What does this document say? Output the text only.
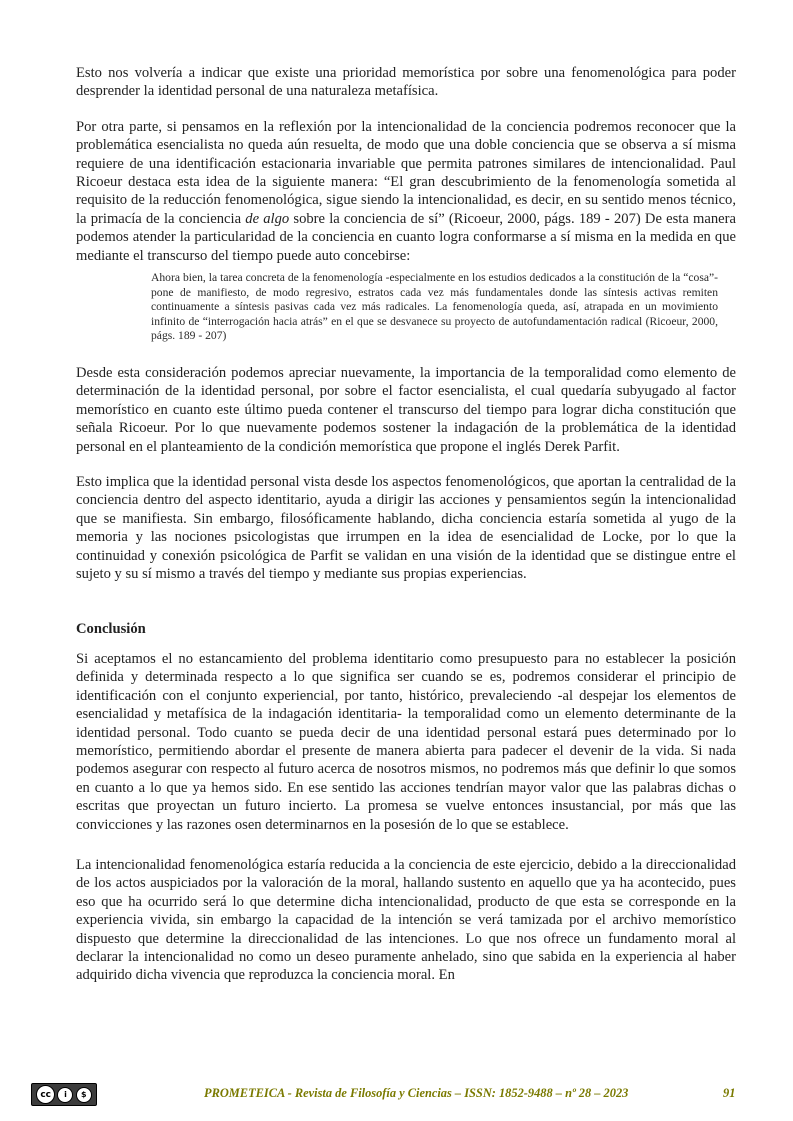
Esto nos volvería a indicar que existe una prioridad memorística por sobre una fenomenológica para poder desprender la identidad personal de una naturaleza metafísica.

Por otra parte, si pensamos en la reflexión por la intencionalidad de la conciencia podremos reconocer que la problemática esencialista no queda aún resuelta, de modo que una doble conciencia que se observa a sí misma requiere de una identificación estacionaria invariable que permita patrones similares de intencionalidad. Paul Ricoeur destaca esta idea de la siguiente manera: “El gran descubrimiento de la fenomenología sometida al requisito de la reducción fenomenológica, sigue siendo la intencionalidad, es decir, en su sentido menos técnico, la primacía de la conciencia de algo sobre la conciencia de sí” (Ricoeur, 2000, págs. 189 - 207) De esta manera podemos atender la particularidad de la conciencia en cuanto logra conformarse a sí misma en la medida en que mediante el transcurso del tiempo puede auto concebirse:

Ahora bien, la tarea concreta de la fenomenología -especialmente en los estudios dedicados a la constitución de la “cosa”- pone de manifiesto, de modo regresivo, estratos cada vez más fundamentales donde las síntesis activas remiten continuamente a síntesis pasivas cada vez más radicales. La fenomenología queda, así, atrapada en un movimiento infinito de “interrogación hacia atrás” en el que se desvanece su proyecto de autofundamentación radical (Ricoeur, 2000, págs. 189 - 207)

Desde esta consideración podemos apreciar nuevamente, la importancia de la temporalidad como elemento de determinación de la identidad personal, por sobre el factor esencialista, el cual quedaría subyugado al factor memorístico en cuanto este último pueda contener el transcurso del tiempo para lograr dicha constitución que señala Ricoeur. Por lo que nuevamente podemos sostener la indagación de la problemática de la identidad personal en el planteamiento de la condición memorística que propone el inglés Derek Parfit.

Esto implica que la identidad personal vista desde los aspectos fenomenológicos, que aportan la centralidad de la conciencia dentro del aspecto identitario, ayuda a dirigir las acciones y pensamientos según la intencionalidad que se manifiesta. Sin embargo, filosóficamente hablando, dicha conciencia estaría sometida al yugo de la memoria y las nociones psicologistas que irrumpen en la idea de esencialidad de Locke, por lo que la continuidad y conexión psicológica de Parfit se validan en una visión de la identidad que se distingue entre el sujeto y su sí mismo a través del tiempo y mediante sus propias experiencias.

Conclusión

Si aceptamos el no estancamiento del problema identitario como presupuesto para no establecer la posición definida y determinada respecto a lo que significa ser cuando se es, podremos considerar el principio de identificación con el conjunto experiencial, por tanto, histórico, prevaleciendo -al despejar los elementos de esencialidad y metafísica de la indagación identitaria- la temporalidad como un elemento determinante de la identidad personal. Todo cuanto se pueda decir de una identidad personal estará pues determinado por lo memorístico, permitiendo abordar el presente de manera abierta para padecer el devenir de la vida. Si nada podemos asegurar con respecto al futuro acerca de nosotros mismos, no podremos más que definir lo que somos en cuanto a lo que ya hemos sido. En ese sentido las acciones tendrían mayor valor que las palabras dichas o escritas que proyectan un futuro incierto. La promesa se vuelve entonces insustancial, por más que las convicciones y las razones osen determinarnos en la posesión de lo que se establece.

La intencionalidad fenomenológica estaría reducida a la conciencia de este ejercicio, debido a la direccionalidad de los actos auspiciados por la valoración de la moral, hallando sustento en aquello que ya ha acontecido, pues eso que ha ocurrido será lo que determine dicha intencionalidad, producto de que esta se corresponde en la experiencia vivida, sin embargo la capacidad de la intención se verá tamizada por el archivo memorístico dispuesto que determine la direccionalidad de las intenciones. Lo que nos ofrece un fundamento moral al declarar la intencionalidad no como un deseo puramente anhelado, sino que sabida en la experiencia al haber adquirido dicha vivencia que reproduzca la conciencia moral. En

cc	i	$	PROMETEICA - Revista de Filosofía y Ciencias – ISSN: 1852-9488 – nº 28 – 2023	91
